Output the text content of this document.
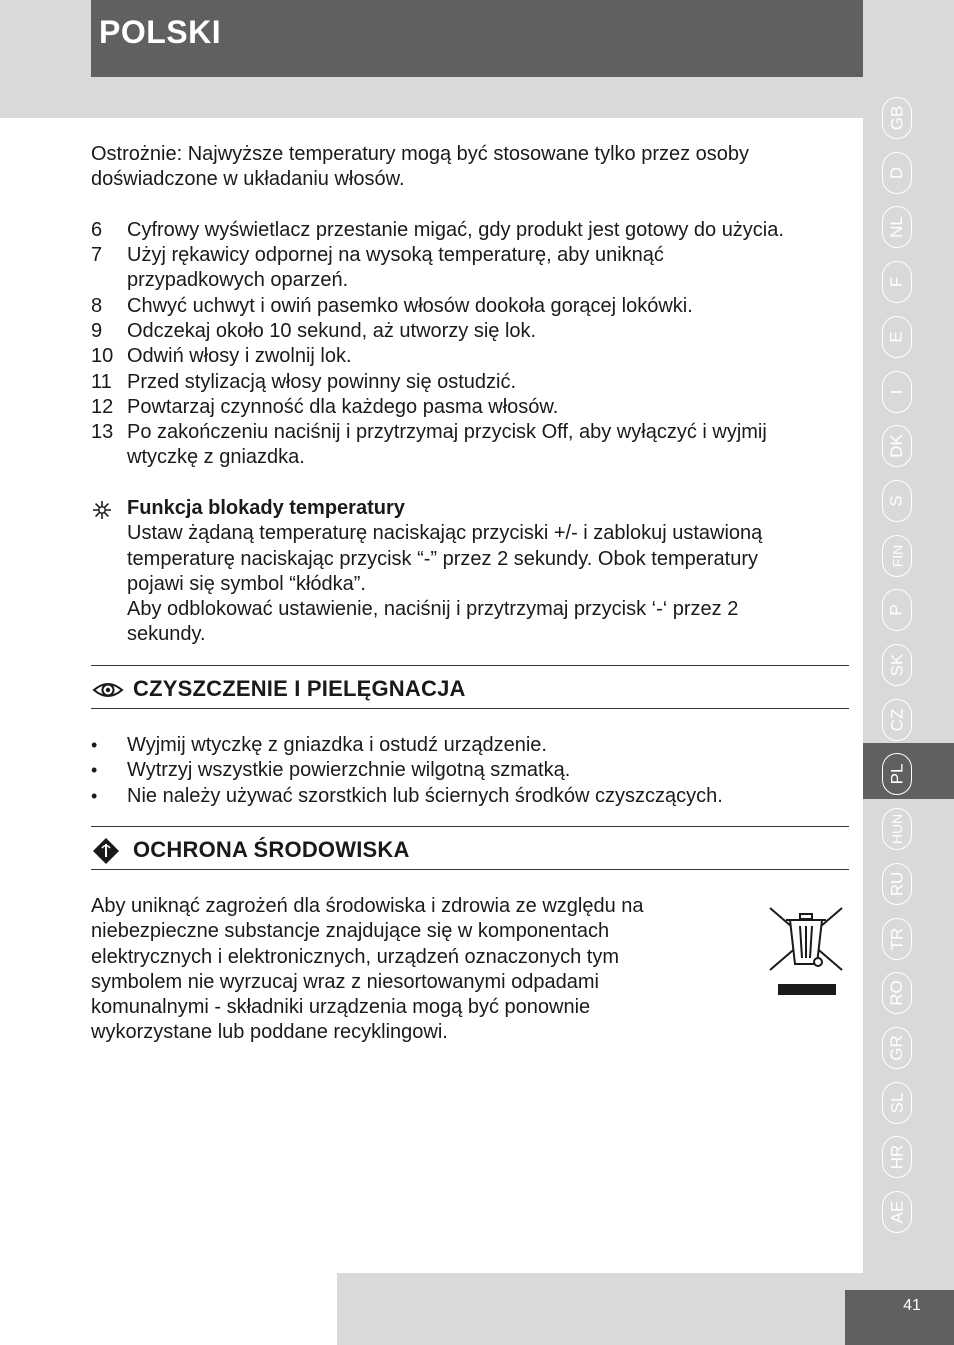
POLSKI
Ostrożnie: Najwyższe temperatury mogą być stosowane tylko przez osoby
doświadczone w układaniu włosów.
6	Cyfrowy wyświetlacz przestanie migać, gdy produkt jest gotowy do użycia.
7	Użyj rękawicy odpornej na wysoką temperaturę, aby uniknąć
przypadkowych oparzeń.
8	Chwyć uchwyt i owiń pasemko włosów dookoła gorącej lokówki.
9	Odczekaj około 10 sekund, aż utworzy się lok.
10 Odwiń włosy i zwolnij lok.
11 Przed stylizacją włosy powinny się ostudzić.
12 Powtarzaj czynność dla każdego pasma włosów.
13 Po zakończeniu naciśnij i przytrzymaj przycisk Off, aby wyłączyć i wyjmij
wtyczkę z gniazdka.
Funkcja blokady temperatury
Ustaw żądaną temperaturę naciskając przyciski +/- i zablokuj ustawioną
temperaturę naciskając przycisk “-” przez 2 sekundy. Obok temperatury
pojawi się symbol “kłódka”.
Aby odblokować ustawienie, naciśnij i przytrzymaj przycisk ‘-‘ przez 2
sekundy.
CZYSZCZENIE I PIELĘGNACJA
• Wyjmij wtyczkę z gniazdka i ostudź urządzenie.
• Wytrzyj wszystkie powierzchnie wilgotną szmatką.
• Nie należy używać szorstkich lub ściernych środków czyszczących.
OCHRONA ŚRODOWISKA
Aby uniknąć zagrożeń dla środowiska i zdrowia ze względu na
niebezpieczne substancje znajdujące się w komponentach
elektrycznych i elektronicznych, urządzeń oznaczonych tym
symbolem nie wyrzucaj wraz z niesortowanymi odpadami
komunalnymi - składniki urządzenia mogą być ponownie
wykorzystane lub poddane recyklingowi.
GB
D
NL
F
E
I
DK
S
FIN
P
SK
CZ
PL
HUN
RU
TR
RO
GR
SL
HR
AE
41
